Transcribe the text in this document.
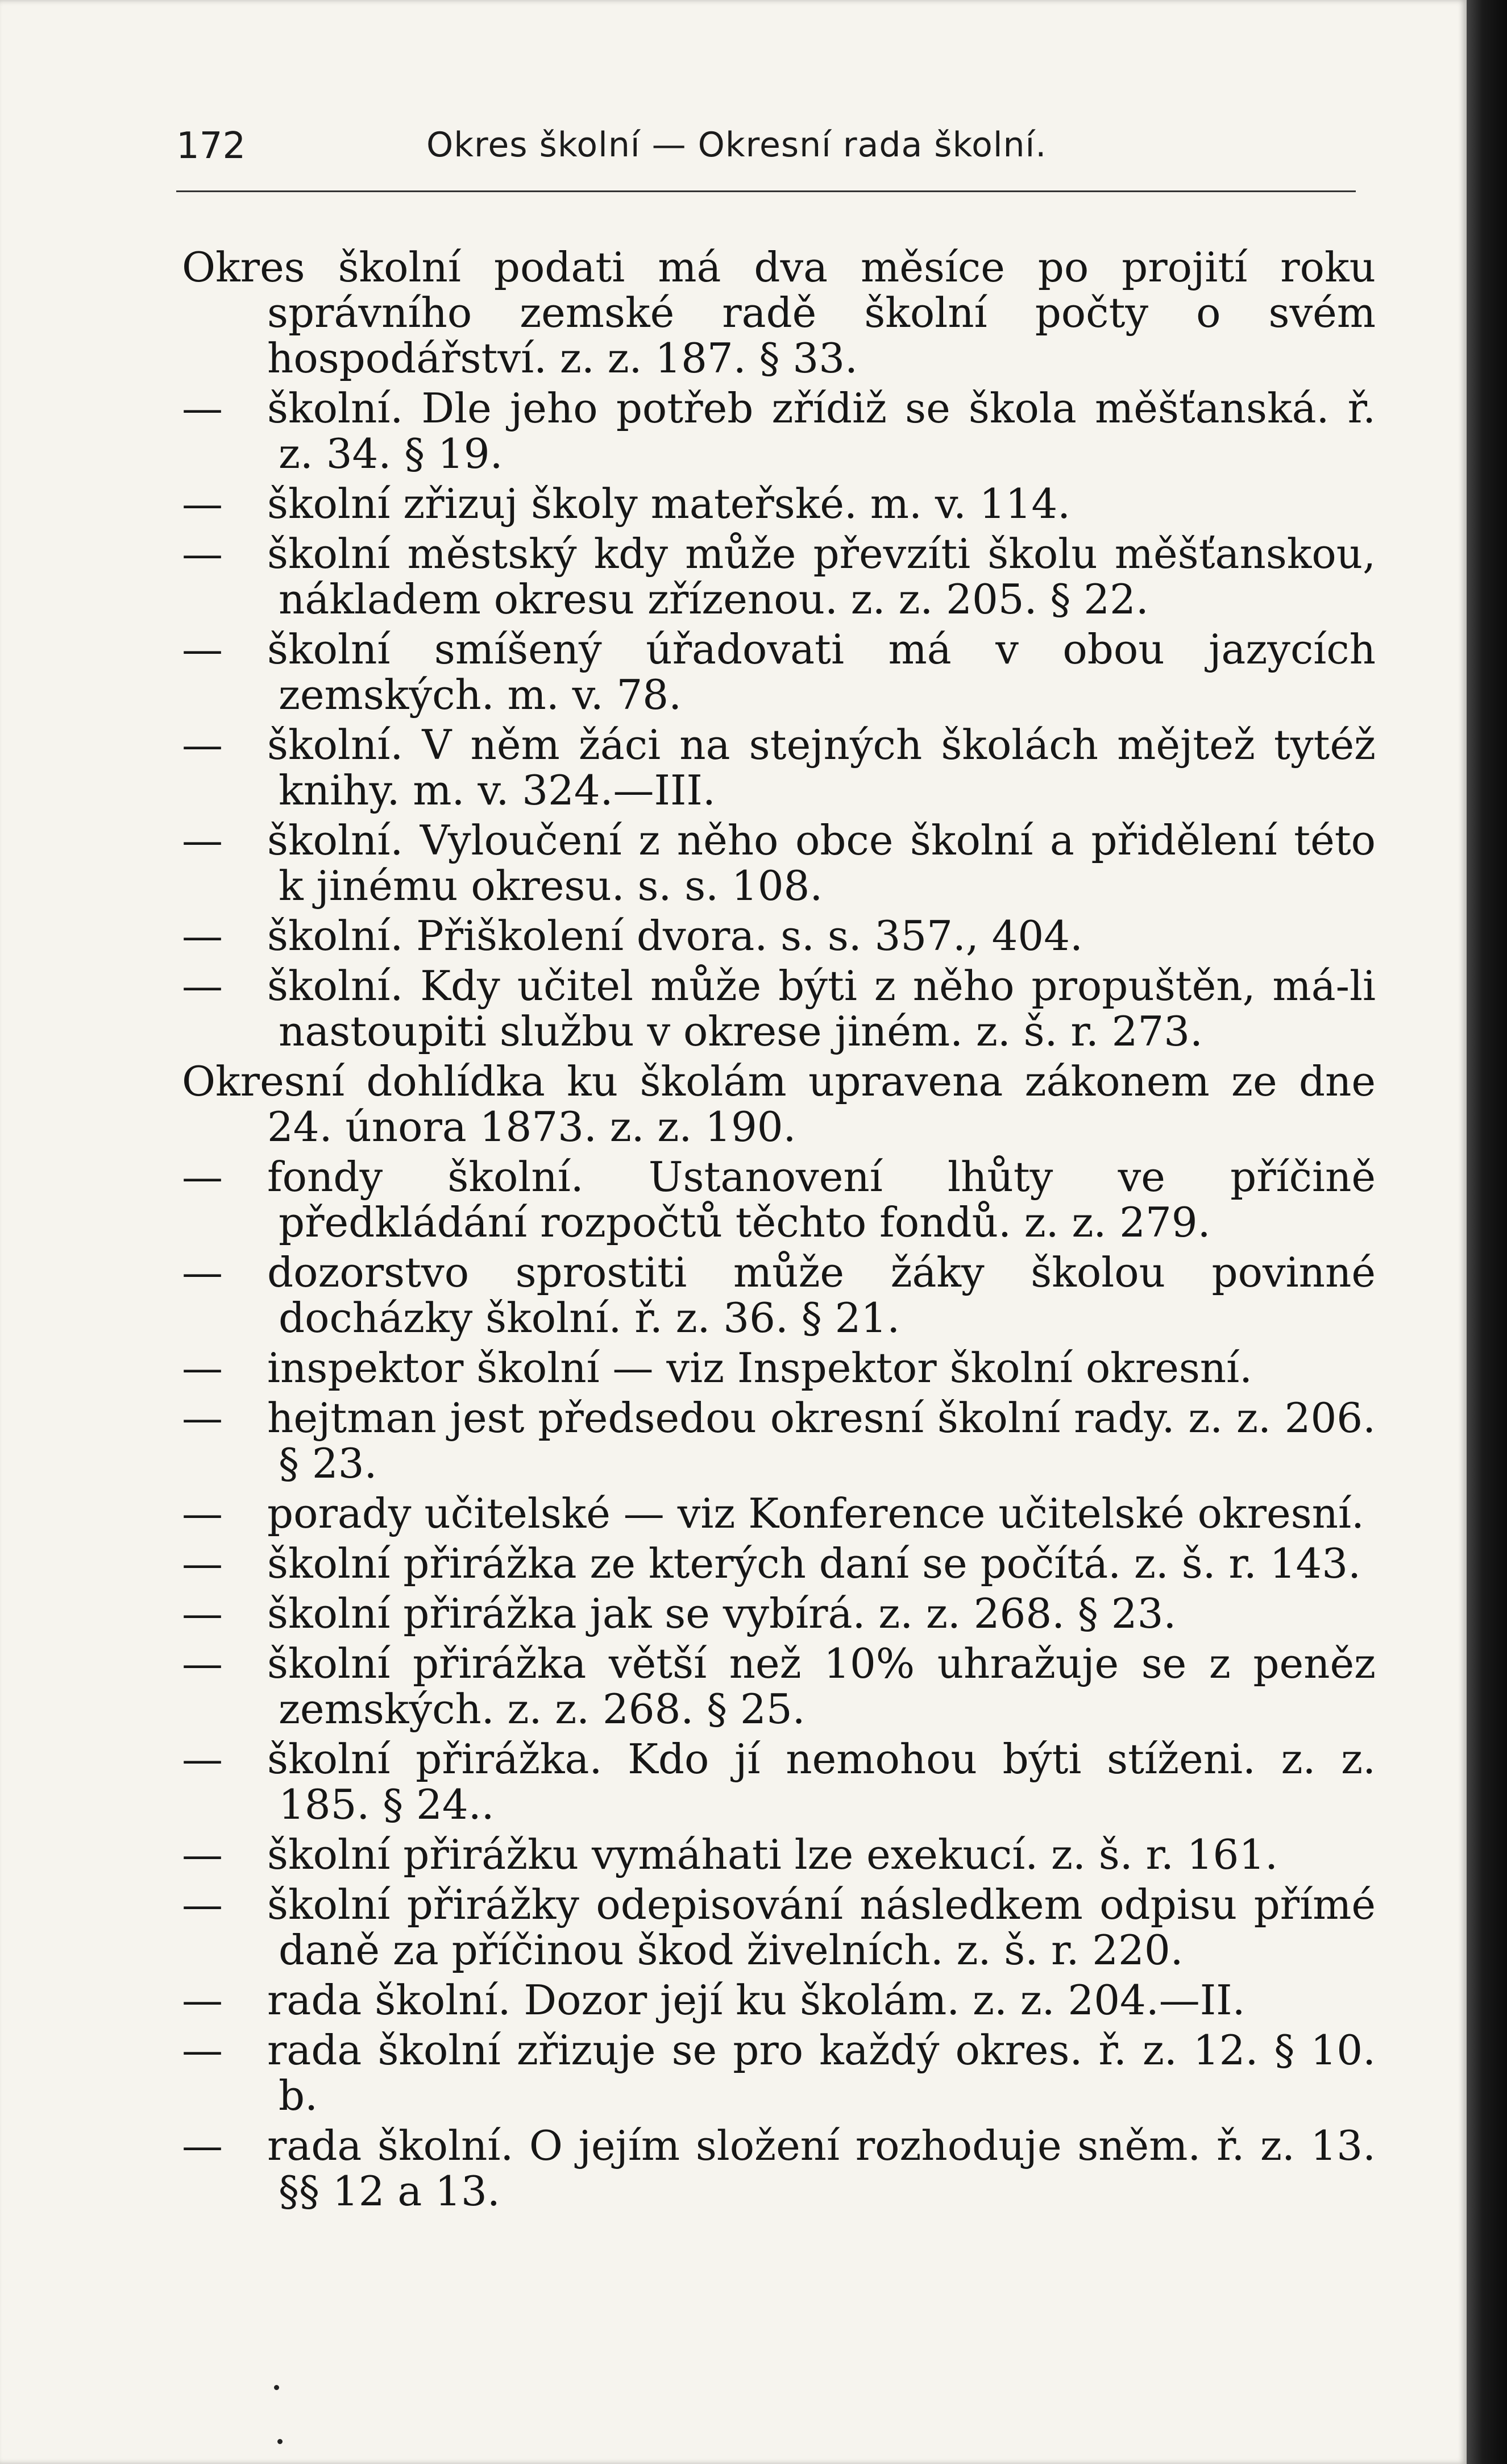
172	Okres školní — Okresní rada školní.

Okres školní podati má dva měsíce po projití roku správního zemské radě školní počty o svém hospodářství. z. z. 187. § 33.

— školní. Dle jeho potřeb zřídiž se škola měšťanská. ř. z. 34. § 19.

— školní zřizuj školy mateřské. m. v. 114.

— školní městský kdy může převzíti školu měšťanskou, nákladem okresu zřízenou. z. z. 205. § 22.

— školní smíšený úřadovati má v obou jazycích zemských. m. v. 78.

— školní. V něm žáci na stejných školách mějtež tytéž knihy. m. v. 324.—III.

— školní. Vyloučení z něho obce školní a přidělení této k jinému okresu. s. s. 108.

— školní. Přiškolení dvora. s. s. 357., 404.

— školní. Kdy učitel může býti z něho propuštěn, má-li nastoupiti službu v okrese jiném. z. š. r. 273.

Okresní dohlídka ku školám upravena zákonem ze dne 24. února 1873. z. z. 190.

— fondy školní. Ustanovení lhůty ve příčině předkládání rozpočtů těchto fondů. z. z. 279.

— dozorstvo sprostiti může žáky školou povinné docházky školní. ř. z. 36. § 21.

— inspektor školní — viz Inspektor školní okresní.

— hejtman jest předsedou okresní školní rady. z. z. 206. § 23.

— porady učitelské — viz Konference učitelské okresní.

— školní přirážka ze kterých daní se počítá. z. š. r. 143.

— školní přirážka jak se vybírá. z. z. 268. § 23.

— školní přirážka větší než 10% uhražuje se z peněz zemských. z. z. 268. § 25.

— školní přirážka. Kdo jí nemohou býti stíženi. z. z. 185. § 24..

— školní přirážku vymáhati lze exekucí. z. š. r. 161.

— školní přirážky odepisování následkem odpisu přímé daně za příčinou škod živelních. z. š. r. 220.

— rada školní. Dozor její ku školám. z. z. 204.—II.

— rada školní zřizuje se pro každý okres. ř. z. 12. § 10. b.

— rada školní. O jejím složení rozhoduje sněm. ř. z. 13. §§ 12 a 13.
